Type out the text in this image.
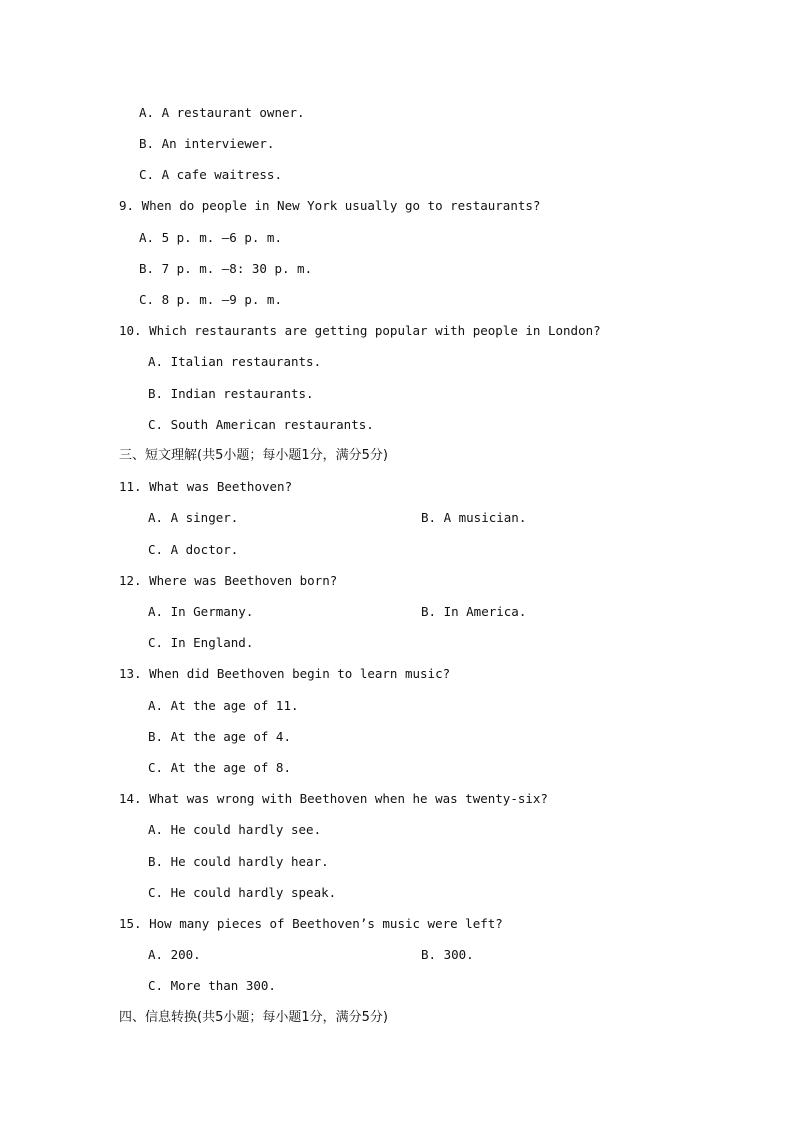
A. A restaurant owner.
B. An interviewer.
C. A cafe waitress.
9. When do people in New York usually go to restaurants?
A. 5 p. m. —6 p. m.
B. 7 p. m. —8: 30 p. m.
C. 8 p. m. —9 p. m.
10. Which restaurants are getting popular with people in London?
A. Italian restaurants.
B. Indian restaurants.
C. South American restaurants.
三、短文理解(共5小题；每小题1分，满分5分)
11. What was Beethoven?
A. A singer.	B. A musician.
C. A doctor.
12. Where was Beethoven born?
A. In Germany.	B. In America.
C. In England.
13. When did Beethoven begin to learn music?
A. At the age of 11.
B. At the age of 4.
C. At the age of 8.
14. What was wrong with Beethoven when he was twenty-six?
A. He could hardly see.
B. He could hardly hear.
C. He could hardly speak.
15. How many pieces of Beethoven’s music were left?
A. 200.	B. 300.
C. More than 300.
四、信息转换(共5小题；每小题1分，满分5分)
